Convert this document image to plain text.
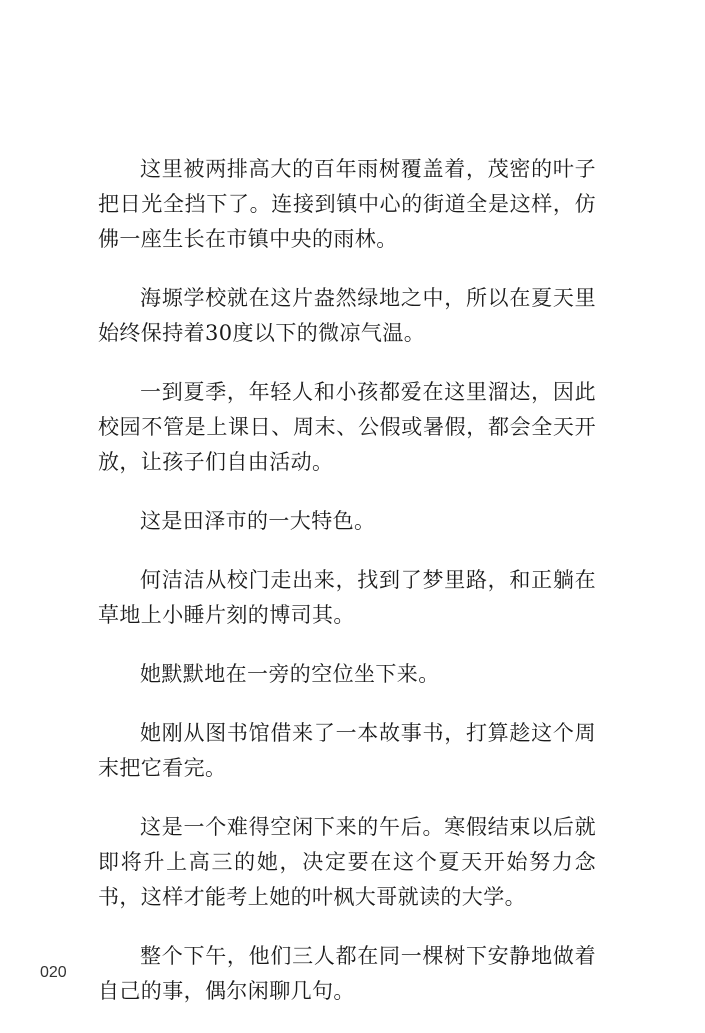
这里被两排高大的百年雨树覆盖着，茂密的叶子把日光全挡下了。连接到镇中心的街道全是这样，仿佛一座生长在市镇中央的雨林。

海塬学校就在这片盎然绿地之中，所以在夏天里始终保持着30度以下的微凉气温。

一到夏季，年轻人和小孩都爱在这里溜达，因此校园不管是上课日、周末、公假或暑假，都会全天开放，让孩子们自由活动。

这是田泽市的一大特色。

何洁洁从校门走出来，找到了梦里路，和正躺在草地上小睡片刻的博司其。

她默默地在一旁的空位坐下来。

她刚从图书馆借来了一本故事书，打算趁这个周末把它看完。

这是一个难得空闲下来的午后。寒假结束以后就即将升上高三的她，决定要在这个夏天开始努力念书，这样才能考上她的叶枫大哥就读的大学。

整个下午，他们三人都在同一棵树下安静地做着自己的事，偶尔闲聊几句。

020
